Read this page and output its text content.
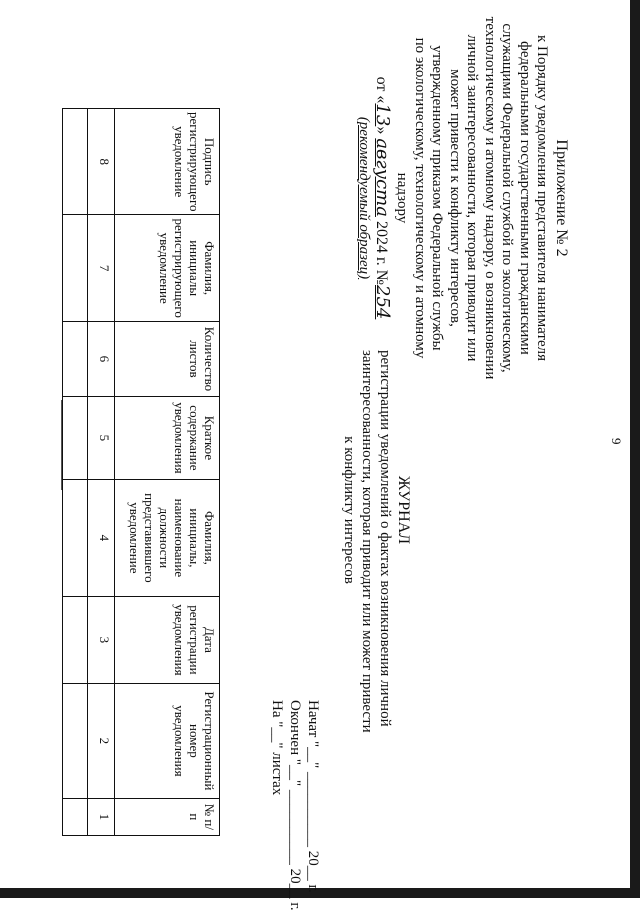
9
Приложение № 2
к Порядку уведомления представителя нанимателя
федеральными государственными гражданскими
служащими Федеральной службой по экологическому,
технологическому и атомному надзору, о возникновении
личной заинтересованности, которая приводит или
может привести к конфликту интересов,
утвержденному приказом Федеральной службы
по экологическому, технологическому и атомному
надзору
от «13» августа 2024 г. №254
(рекомендуемый образец)
ЖУРНАЛ
регистрации уведомлений о фактах возникновения личной
заинтересованности, которая приводит или может привести
к конфликту интересов
Начат "__" __________ 20__ г.
Окончен "__" __________ 20__ г.
На "__" листах
Подпись регистрирующего уведомление	Фамилия, инициалы регистрирующего уведомление	Количество листов	Краткое содержание уведомления	Фамилия, инициалы, наименование должности представившего уведомление	Дата регистрации уведомления	Регистрационный номер уведомления	№ п/п
8	7	6	5	4	3	2	1
